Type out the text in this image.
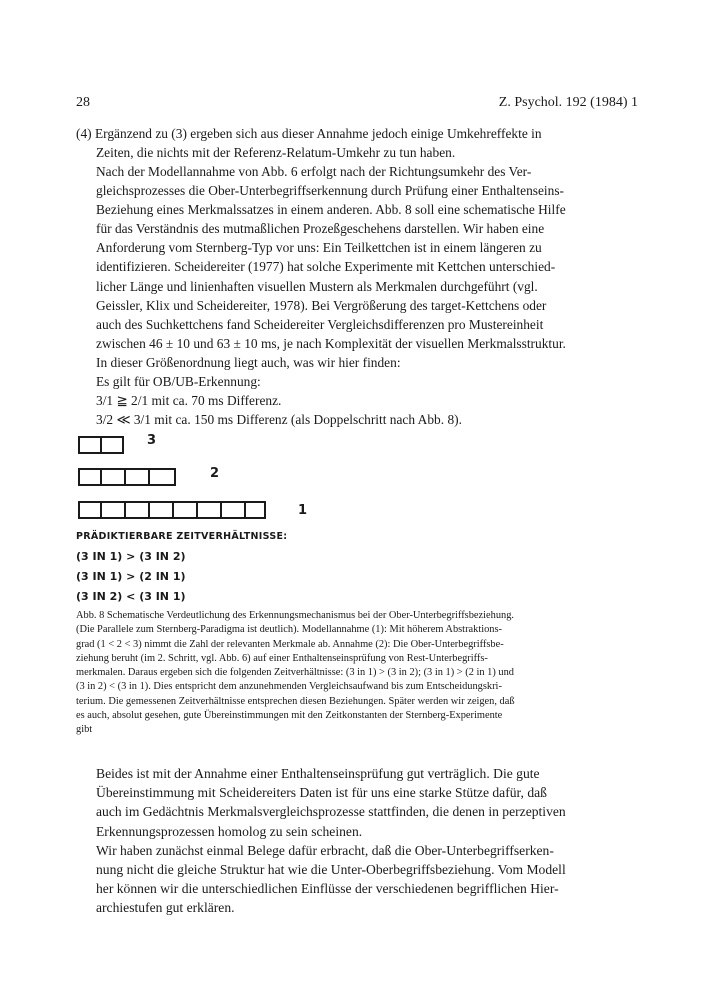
28	Z. Psychol. 192 (1984) 1
(4) Ergänzend zu (3) ergeben sich aus dieser Annahme jedoch einige Umkehreffekte in
Zeiten, die nichts mit der Referenz-Relatum-Umkehr zu tun haben.
Nach der Modellannahme von Abb. 6 erfolgt nach der Richtungsumkehr des Ver-
gleichsprozesses die Ober-Unterbegriffserkennung durch Prüfung einer Enthaltenseins-
Beziehung eines Merkmalssatzes in einem anderen. Abb. 8 soll eine schematische Hilfe
für das Verständnis des mutmaßlichen Prozeßgeschehens darstellen. Wir haben eine
Anforderung vom Sternberg-Typ vor uns: Ein Teilkettchen ist in einem längeren zu
identifizieren. Scheidereiter (1977) hat solche Experimente mit Kettchen unterschied-
licher Länge und linienhaften visuellen Mustern als Merkmalen durchgeführt (vgl.
Geissler, Klix und Scheidereiter, 1978). Bei Vergrößerung des target-Kettchens oder
auch des Suchkettchens fand Scheidereiter Vergleichsdifferenzen pro Mustereinheit
zwischen 46 ± 10 und 63 ± 10 ms, je nach Komplexität der visuellen Merkmalsstruktur.
In dieser Größenordnung liegt auch, was wir hier finden:
Es gilt für OB/UB-Erkennung:
3/1 ≧ 2/1 mit ca. 70 ms Differenz.
3/2 ≪ 3/1 mit ca. 150 ms Differenz (als Doppelschritt nach Abb. 8).
3
2
1
PRÄDIKTIERBARE ZEITVERHÄLTNISSE:
(3 IN 1) > (3 IN 2)
(3 IN 1) > (2 IN 1)
(3 IN 2) < (3 IN 1)
Abb. 8 Schematische Verdeutlichung des Erkennungsmechanismus bei der Ober-Unterbegriffsbeziehung.
(Die Parallele zum Sternberg-Paradigma ist deutlich). Modellannahme (1): Mit höherem Abstraktions-
grad (1 < 2 < 3) nimmt die Zahl der relevanten Merkmale ab. Annahme (2): Die Ober-Unterbegriffsbe-
ziehung beruht (im 2. Schritt, vgl. Abb. 6) auf einer Enthaltenseinsprüfung von Rest-Unterbegriffs-
merkmalen. Daraus ergeben sich die folgenden Zeitverhältnisse: (3 in 1) > (3 in 2); (3 in 1) > (2 in 1) und
(3 in 2) < (3 in 1). Dies entspricht dem anzunehmenden Vergleichsaufwand bis zum Entscheidungskri-
terium. Die gemessenen Zeitverhältnisse entsprechen diesen Beziehungen. Später werden wir zeigen, daß
es auch, absolut gesehen, gute Übereinstimmungen mit den Zeitkonstanten der Sternberg-Experimente
gibt
Beides ist mit der Annahme einer Enthaltenseinsprüfung gut verträglich. Die gute
Übereinstimmung mit Scheidereiters Daten ist für uns eine starke Stütze dafür, daß
auch im Gedächtnis Merkmalsvergleichsprozesse stattfinden, die denen in perzeptiven
Erkennungsprozessen homolog zu sein scheinen.
Wir haben zunächst einmal Belege dafür erbracht, daß die Ober-Unterbegriffserken-
nung nicht die gleiche Struktur hat wie die Unter-Oberbegriffsbeziehung. Vom Modell
her können wir die unterschiedlichen Einflüsse der verschiedenen begrifflichen Hier-
archiestufen gut erklären.
